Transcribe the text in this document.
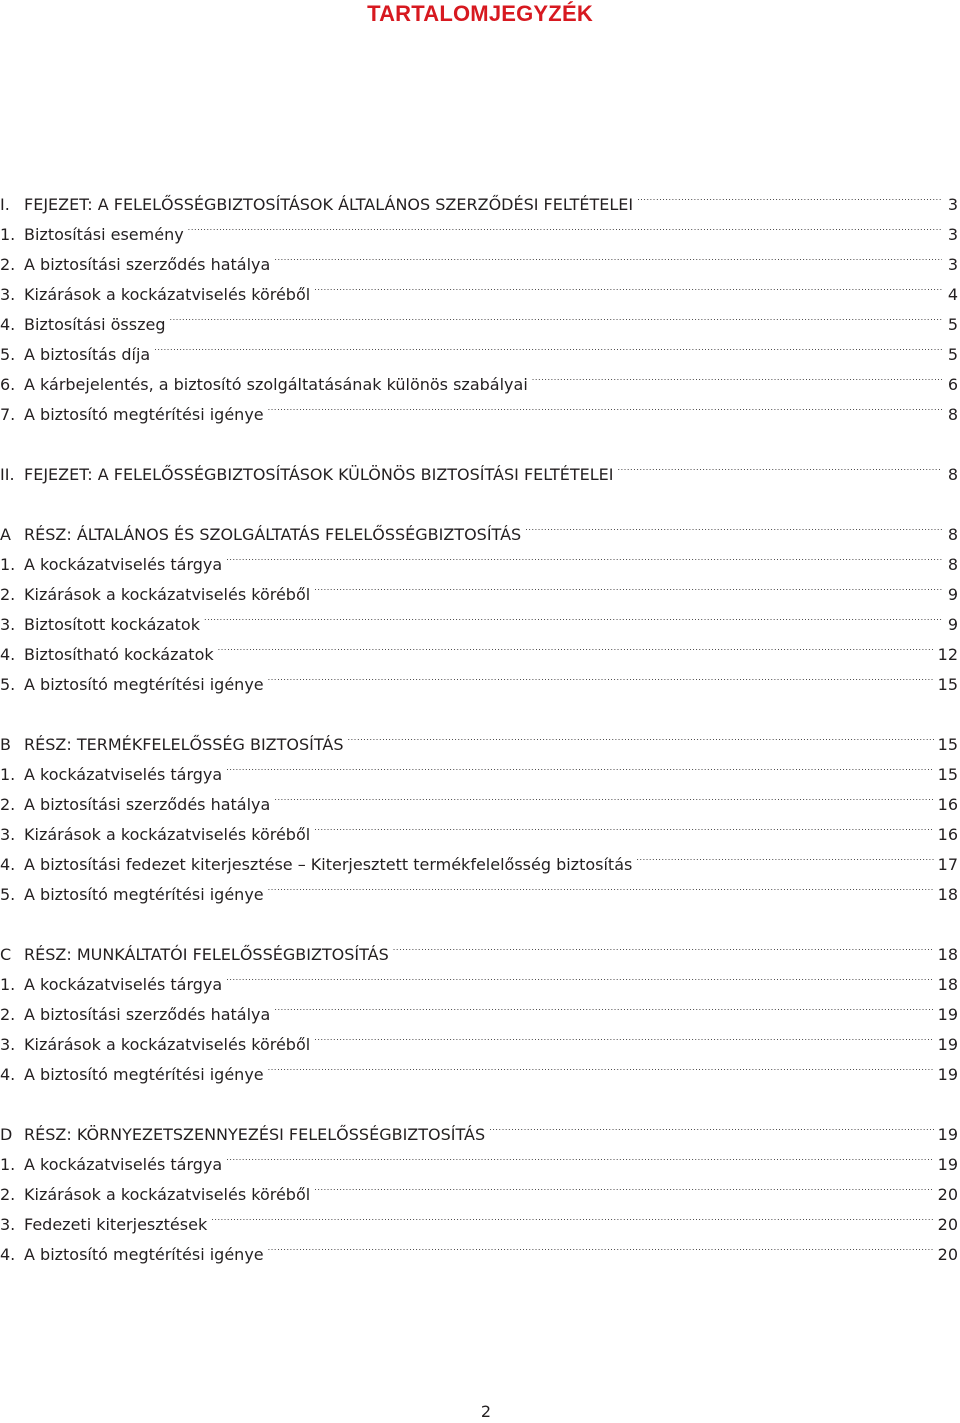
TARTALOMJEGYZÉK
I. FEJEZET: A FELELŐSSÉGBIZTOSÍTÁSOK ÁLTALÁNOS SZERZŐDÉSI FELTÉTELEI .....	3
1. Biztosítási esemény .....	3
2. A biztosítási szerződés hatálya .....	3
3. Kizárások a kockázatviselés köréből .....	4
4. Biztosítási összeg .....	5
5. A biztosítás díja .....	5
6. A kárbejelentés, a biztosító szolgáltatásának különös szabályai .....	6
7. A biztosító megtérítési igénye .....	8
II. FEJEZET: A FELELŐSSÉGBIZTOSÍTÁSOK KÜLÖNÖS BIZTOSÍTÁSI FELTÉTELEI .....	8
A RÉSZ: ÁLTALÁNOS ÉS SZOLGÁLTATÁS FELELŐSSÉGBIZTOSÍTÁS .....	8
1. A kockázatviselés tárgya .....	8
2. Kizárások a kockázatviselés köréből .....	9
3. Biztosított kockázatok .....	9
4. Biztosítható kockázatok .....	12
5. A biztosító megtérítési igénye .....	15
B RÉSZ: TERMÉKFELELŐSSÉG BIZTOSÍTÁS .....	15
1. A kockázatviselés tárgya .....	15
2. A biztosítási szerződés hatálya .....	16
3. Kizárások a kockázatviselés köréből .....	16
4. A biztosítási fedezet kiterjesztése – Kiterjesztett termékfelelősség biztosítás .....	17
5. A biztosító megtérítési igénye .....	18
C RÉSZ: MUNKÁLTATÓI FELELŐSSÉGBIZTOSÍTÁS .....	18
1. A kockázatviselés tárgya .....	18
2. A biztosítási szerződés hatálya .....	19
3. Kizárások a kockázatviselés köréből .....	19
4. A biztosító megtérítési igénye .....	19
D RÉSZ: KÖRNYEZETSZENNYEZÉSI FELELŐSSÉGBIZTOSÍTÁS .....	19
1. A kockázatviselés tárgya .....	19
2. Kizárások a kockázatviselés köréből .....	20
3. Fedezeti kiterjesztések .....	20
4. A biztosító megtérítési igénye .....	20
2
